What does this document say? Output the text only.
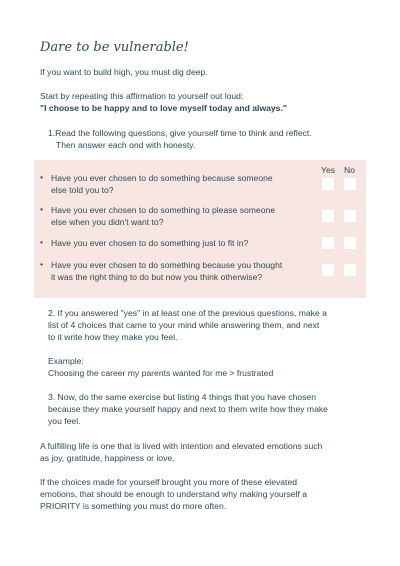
Dare to be vulnerable!
If you want to build high, you must dig deep.
Start by repeating this affirmation to yourself out loud:
"I choose to be happy and to love myself today and always."
1.Read the following questions, give yourself time to think and reflect.
Then answer each ond with honesty.
Yes No
• Have you ever chosen to do something because someone
else told you to?
• Have you ever chosen to do something to please someone
else when you didn't want to?
• Have you ever chosen to do something just to fit in?
• Have you ever chosen to do something because you thought
it was the right thing to do but now you think otherwise?
2. If you answered "yes" in at least one of the previous questions, make a
list of 4 choices that came to your mind while answering them, and next
to it write how they make you feel.
Example:
Choosing the career my parents wanted for me > frustrated
3. Now, do the same exercise but listing 4 things that you have chosen
because they make yourself happy and next to them write how they make
you feel.
A fulfilling life is one that is lived with intention and elevated emotions such
as joy, gratitude, happiness or love.
If the choices made for yourself brought you more of these elevated
emotions, that should be enough to understand why making yourself a
PRIORITY is something you must do more often.
